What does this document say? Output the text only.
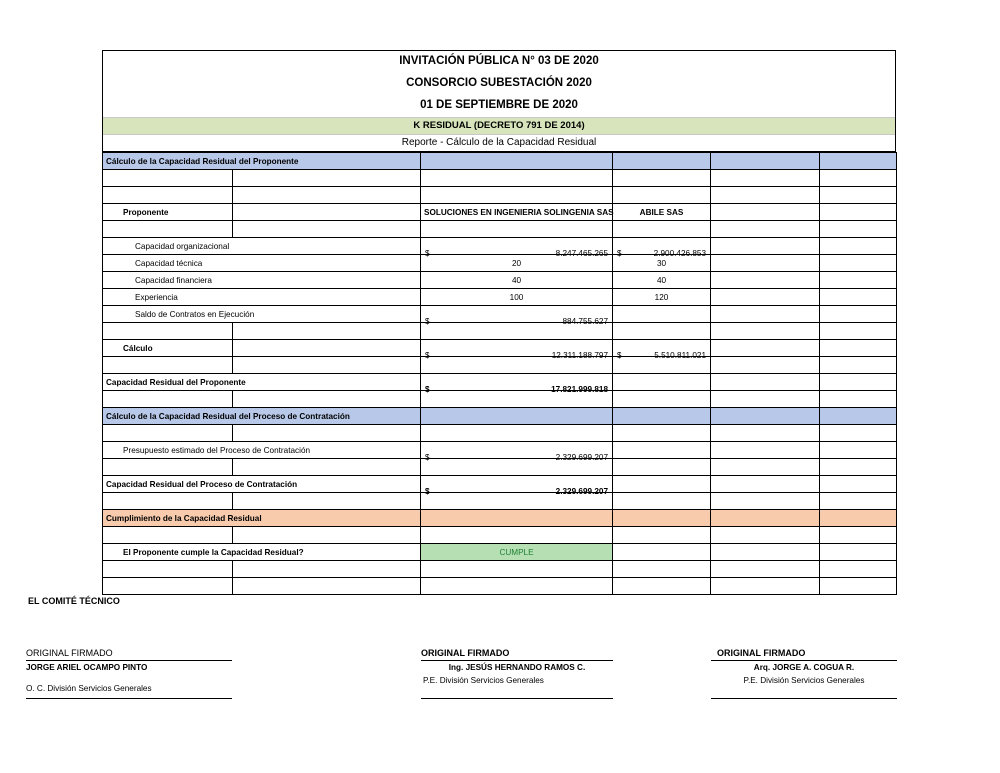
INVITACIÓN PÚBLICA N° 03 DE 2020
CONSORCIO SUBESTACIÓN 2020
01 DE SEPTIEMBRE DE 2020
K RESIDUAL (DECRETO 791 DE 2014)
Reporte - Cálculo de la Capacidad Residual
Cálculo de la Capacidad Residual del Proponente					

Proponente		SOLUCIONES EN INGENIERIA SOLINGENIA SAS	ABILE SAS		

Capacidad organizacional		$ 8.247.465.265	$ 2.900.426.853		

Capacidad técnica		20	30		
Capacidad financiera		40	40		
Experiencia		100	120		
Saldo de Contratos en Ejecución		$ 884.755.627			

Cálculo		$ 12.311.188.797	$ 5.510.811.021		

Capacidad Residual del Proponente		$ 17.821.999.818			

Cálculo de la Capacidad Residual del Proceso de Contratación					

Presupuesto estimado del Proceso de Contratación		$ 2.329.699.207			

Capacidad Residual del Proceso de Contratación		$ 2.329.699.207			

Cumplimiento de la Capacidad Residual					

El Proponente cumple la Capacidad Residual?		CUMPLE			

EL COMITÉ TÉCNICO
ORIGINAL FIRMADO
JORGE ARIEL OCAMPO PINTO
O. C. División Servicios Generales
ORIGINAL FIRMADO
Ing. JESÚS HERNANDO RAMOS C.
P.E. División Servicios Generales
ORIGINAL FIRMADO
Arq. JORGE A. COGUA R.
P.E. División Servicios Generales
